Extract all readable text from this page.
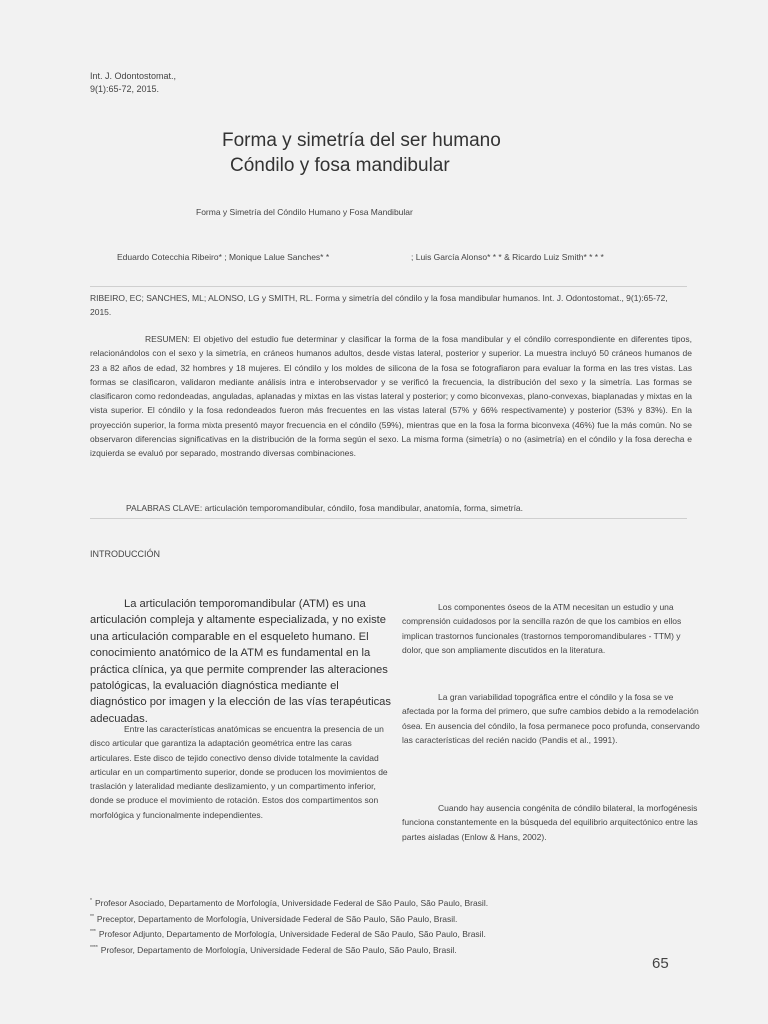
Int. J. Odontostomat.,
9(1):65-72, 2015.
Forma y simetría del ser humano
Cóndilo y fosa mandibular
Forma y Simetría del Cóndilo Humano y Fosa Mandibular
Eduardo Cotecchia Ribeiro* ; Monique Lalue Sanches* *	; Luis García Alonso* * * & Ricardo Luiz Smith* * * *
RIBEIRO, EC; SANCHES, ML; ALONSO, LG y SMITH, RL. Forma y simetría del cóndilo y la fosa mandibular humanos. Int. J. Odontostomat., 9(1):65-72, 2015.
RESUMEN: El objetivo del estudio fue determinar y clasificar la forma de la fosa mandibular y el cóndilo correspondiente en diferentes tipos, relacionándolos con el sexo y la simetría, en cráneos humanos adultos, desde vistas lateral, posterior y superior. La muestra incluyó 50 cráneos humanos de 23 a 82 años de edad, 32 hombres y 18 mujeres. El cóndilo y los moldes de silicona de la fosa se fotografiaron para evaluar la forma en las tres vistas. Las formas se clasificaron, validaron mediante análisis intra e interobservador y se verificó la frecuencia, la distribución del sexo y la simetría. Las formas se clasificaron como redondeadas, anguladas, aplanadas y mixtas en las vistas lateral y posterior; y como biconvexas, plano-convexas, biaplanadas y mixtas en la vista superior. El cóndilo y la fosa redondeados fueron más frecuentes en las vistas lateral (57% y 66% respectivamente) y posterior (53% y 83%). En la proyección superior, la forma mixta presentó mayor frecuencia en el cóndilo (59%), mientras que en la fosa la forma biconvexa (46%) fue la más común. No se observaron diferencias significativas en la distribución de la forma según el sexo. La misma forma (simetría) o no (asimetría) en el cóndilo y la fosa derecha e izquierda se evaluó por separado, mostrando diversas combinaciones.
PALABRAS CLAVE: articulación temporomandibular, cóndilo, fosa mandibular, anatomía, forma, simetría.
INTRODUCCIÓN
La articulación temporomandibular (ATM) es una articulación compleja y altamente especializada, y no existe una articulación comparable en el esqueleto humano. El conocimiento anatómico de la ATM es fundamental en la práctica clínica, ya que permite comprender las alteraciones patológicas, la evaluación diagnóstica mediante el diagnóstico por imagen y la elección de las vías terapéuticas adecuadas.
Entre las características anatómicas se encuentra la presencia de un disco articular que garantiza la adaptación geométrica entre las caras articulares. Este disco de tejido conectivo denso divide totalmente la cavidad articular en un compartimento superior, donde se producen los movimientos de traslación y lateralidad mediante deslizamiento, y un compartimento inferior, donde se produce el movimiento de rotación. Estos dos compartimentos son morfológica y funcionalmente independientes.
Los componentes óseos de la ATM necesitan un estudio y una comprensión cuidadosos por la sencilla razón de que los cambios en ellos implican trastornos funcionales (trastornos temporomandibulares - TTM) y dolor, que son ampliamente discutidos en la literatura.
La gran variabilidad topográfica entre el cóndilo y la fosa se ve afectada por la forma del primero, que sufre cambios debido a la remodelación ósea. En ausencia del cóndilo, la fosa permanece poco profunda, conservando las características del recién nacido (Pandis et al., 1991).
Cuando hay ausencia congénita de cóndilo bilateral, la morfogénesis funciona constantemente en la búsqueda del equilibrio arquitectónico entre las partes aisladas (Enlow & Hans, 2002).
* Profesor Asociado, Departamento de Morfología, Universidade Federal de São Paulo, São Paulo, Brasil.
** Preceptor, Departamento de Morfología, Universidade Federal de São Paulo, São Paulo, Brasil.
*** Profesor Adjunto, Departamento de Morfología, Universidade Federal de São Paulo, São Paulo, Brasil.
**** Profesor, Departamento de Morfología, Universidade Federal de São Paulo, São Paulo, Brasil.
65
